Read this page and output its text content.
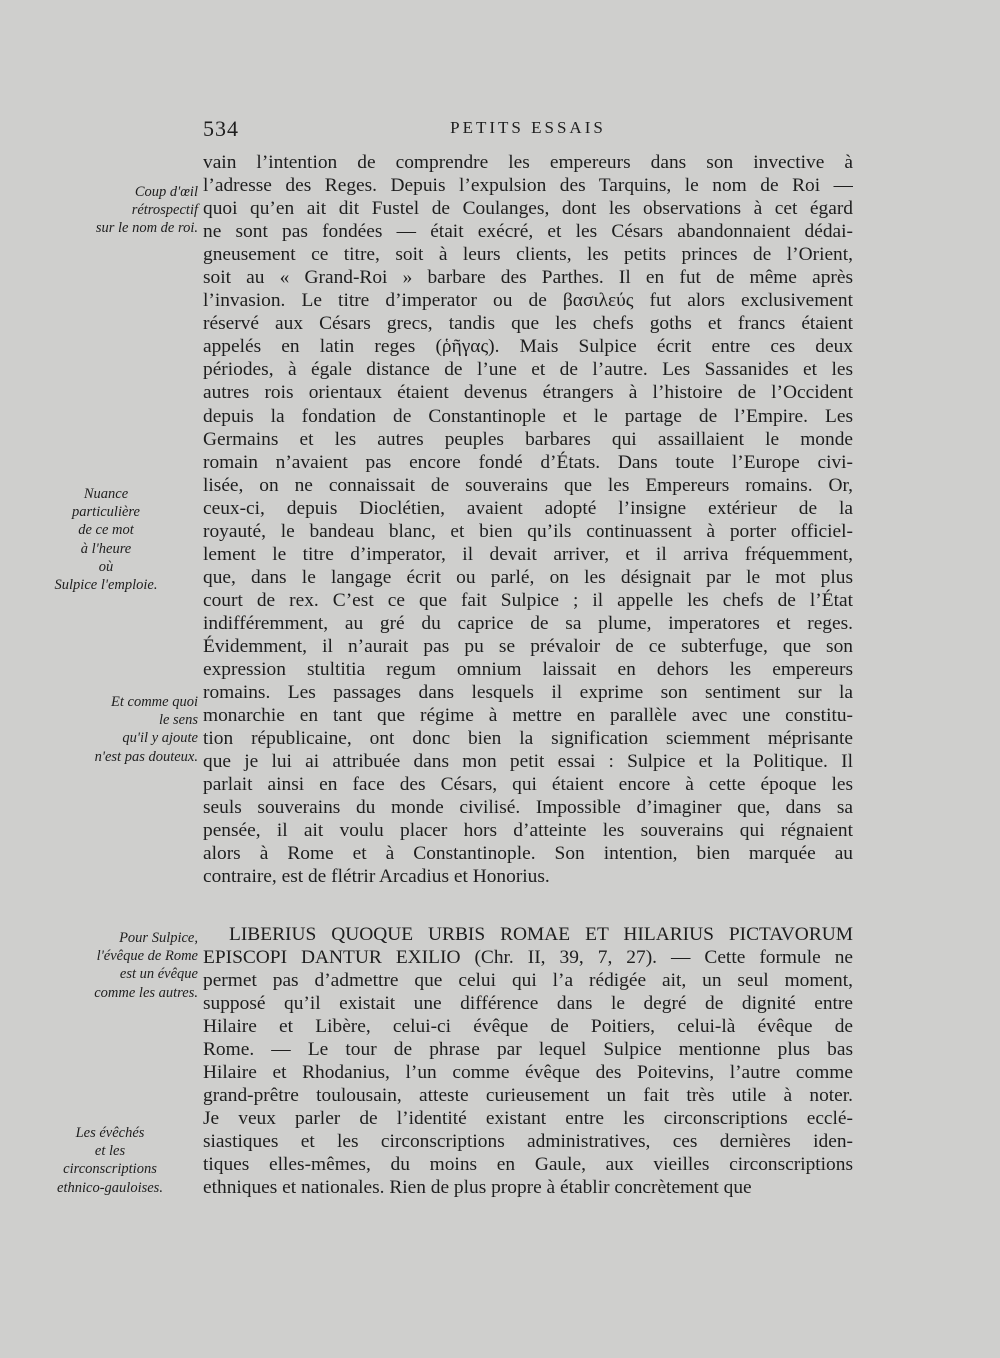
534	PETITS ESSAIS
Coup d'œil
rétrospectif
sur le nom de roi.
Nuance
particulière
de ce mot
à l'heure
où
Sulpice l'emploie.
Et comme quoi
le sens
qu'il y ajoute
n'est pas douteux.
Pour Sulpice,
l'évêque de Rome
est un évêque
comme les autres.
Les évêchés
et les
circonscriptions
ethnico-gauloises.
vain l’intention de comprendre les empereurs dans son invective à
l’adresse des Reges. Depuis l’expulsion des Tarquins, le nom de Roi —
quoi qu’en ait dit Fustel de Coulanges, dont les observations à cet égard
ne sont pas fondées — était exécré, et les Césars abandonnaient dédai-
gneusement ce titre, soit à leurs clients, les petits princes de l’Orient,
soit au « Grand-Roi » barbare des Parthes. Il en fut de même après
l’invasion. Le titre d’imperator ou de βασιλεύς fut alors exclusivement
réservé aux Césars grecs, tandis que les chefs goths et francs étaient
appelés en latin reges (ῥῆγας). Mais Sulpice écrit entre ces deux
périodes, à égale distance de l’une et de l’autre. Les Sassanides et les
autres rois orientaux étaient devenus étrangers à l’histoire de l’Occident
depuis la fondation de Constantinople et le partage de l’Empire. Les
Germains et les autres peuples barbares qui assaillaient le monde
romain n’avaient pas encore fondé d’États. Dans toute l’Europe civi-
lisée, on ne connaissait de souverains que les Empereurs romains. Or,
ceux-ci, depuis Dioclétien, avaient adopté l’insigne extérieur de la
royauté, le bandeau blanc, et bien qu’ils continuassent à porter officiel-
lement le titre d’imperator, il devait arriver, et il arriva fréquemment,
que, dans le langage écrit ou parlé, on les désignait par le mot plus
court de rex. C’est ce que fait Sulpice ; il appelle les chefs de l’État
indifféremment, au gré du caprice de sa plume, imperatores et reges.
Évidemment, il n’aurait pas pu se prévaloir de ce subterfuge, que son
expression stultitia regum omnium laissait en dehors les empereurs
romains. Les passages dans lesquels il exprime son sentiment sur la
monarchie en tant que régime à mettre en parallèle avec une constitu-
tion républicaine, ont donc bien la signification sciemment méprisante
que je lui ai attribuée dans mon petit essai : Sulpice et la Politique. Il
parlait ainsi en face des Césars, qui étaient encore à cette époque les
seuls souverains du monde civilisé. Impossible d’imaginer que, dans sa
pensée, il ait voulu placer hors d’atteinte les souverains qui régnaient
alors à Rome et à Constantinople. Son intention, bien marquée au
contraire, est de flétrir Arcadius et Honorius.
LIBERIUS QUOQUE URBIS ROMAE ET HILARIUS PICTAVORUM
EPISCOPI DANTUR EXILIO (Chr. II, 39, 7, 27). — Cette formule ne
permet pas d’admettre que celui qui l’a rédigée ait, un seul moment,
supposé qu’il existait une différence dans le degré de dignité entre
Hilaire et Libère, celui-ci évêque de Poitiers, celui-là évêque de
Rome. — Le tour de phrase par lequel Sulpice mentionne plus bas
Hilaire et Rhodanius, l’un comme évêque des Poitevins, l’autre comme
grand-prêtre toulousain, atteste curieusement un fait très utile à noter.
Je veux parler de l’identité existant entre les circonscriptions ecclé-
siastiques et les circonscriptions administratives, ces dernières iden-
tiques elles-mêmes, du moins en Gaule, aux vieilles circonscriptions
ethniques et nationales. Rien de plus propre à établir concrètement que
